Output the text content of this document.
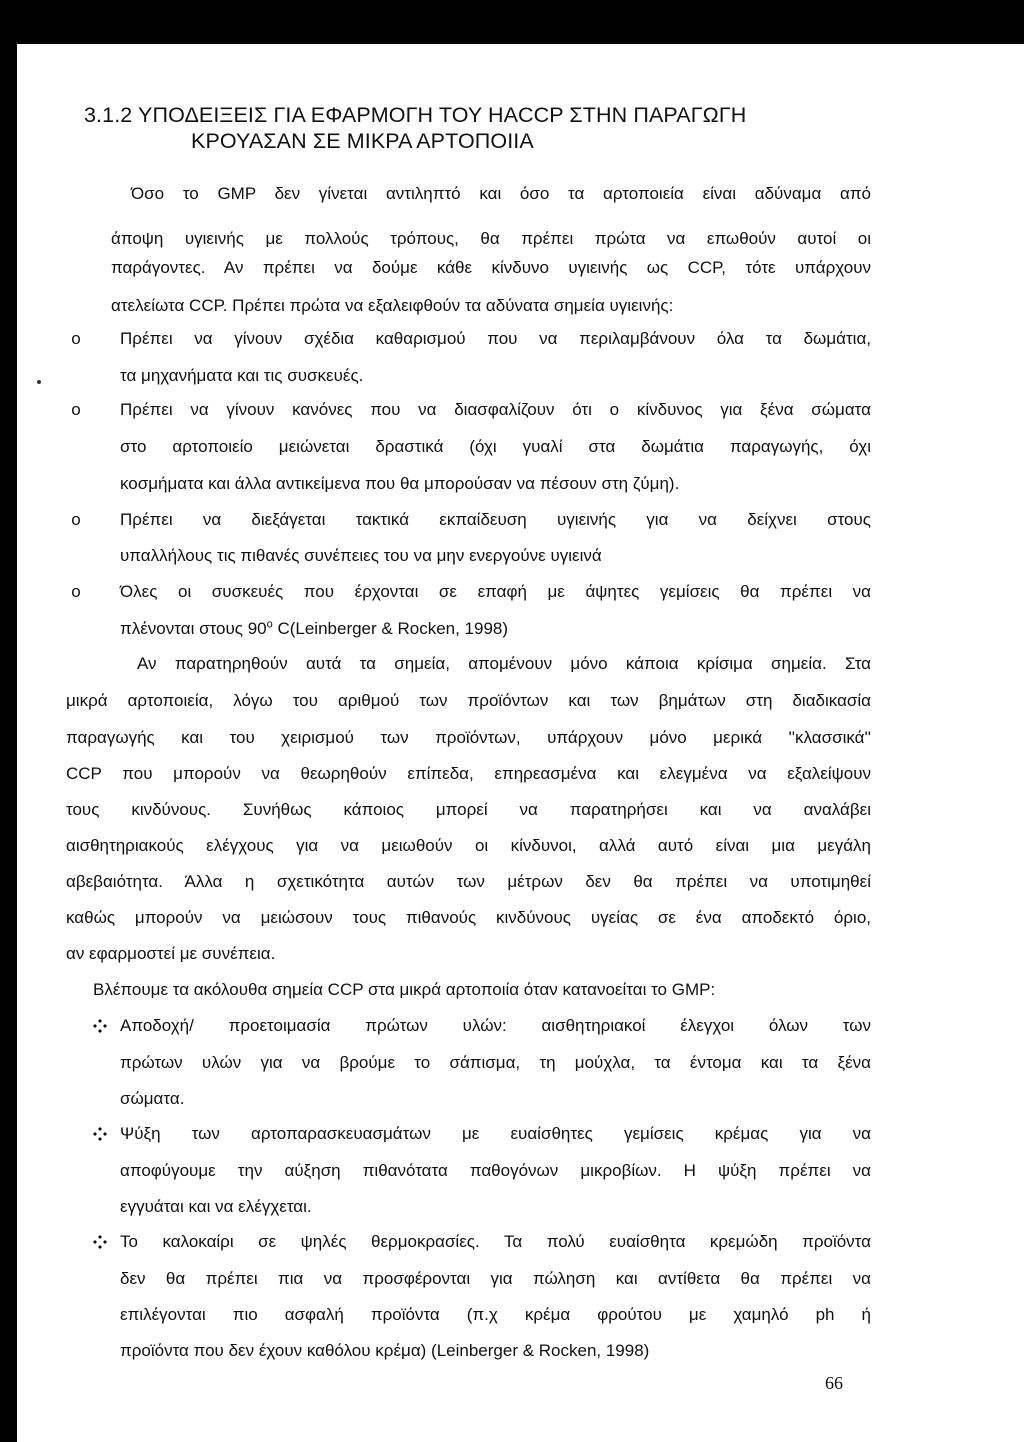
3.1.2 ΥΠΟΔΕΙΞΕΙΣ ΓΙΑ ΕΦΑΡΜΟΓΗ ΤΟΥ HACCP ΣΤΗΝ ΠΑΡΑΓΩΓΗ
ΚΡΟΥΑΣΑΝ ΣΕ ΜΙΚΡΑ ΑΡΤΟΠΟΙΙΑ
Όσο το GMP δεν γίνεται αντιληπτό και όσο τα αρτοποιεία είναι αδύναμα από
άποψη υγιεινής με πολλούς τρόπους, θα πρέπει πρώτα να επωθούν αυτοί οι
παράγοντες. Αν πρέπει να δούμε κάθε κίνδυνο υγιεινής ως CCP, τότε υπάρχουν
ατελείωτα CCP. Πρέπει πρώτα να εξαλειφθούν τα αδύνατα σημεία υγιεινής:
o Πρέπει να γίνουν σχέδια καθαρισμού που να περιλαμβάνουν όλα τα δωμάτια,
τα μηχανήματα και τις συσκευές.
o Πρέπει να γίνουν κανόνες που να διασφαλίζουν ότι ο κίνδυνος για ξένα σώματα
στο αρτοποιείο μειώνεται δραστικά (όχι γυαλί στα δωμάτια παραγωγής, όχι
κοσμήματα και άλλα αντικείμενα που θα μπορούσαν να πέσουν στη ζύμη).
o Πρέπει να διεξάγεται τακτικά εκπαίδευση υγιεινής για να δείχνει στους
υπαλλήλους τις πιθανές συνέπειες του να μην ενεργούνε υγιεινά
o Όλες οι συσκευές που έρχονται σε επαφή με άψητες γεμίσεις θα πρέπει να
πλένονται στους 90$^o$ C(Leinberger & Rocken, 1998)
Αν παρατηρηθούν αυτά τα σημεία, απομένουν μόνο κάποια κρίσιμα σημεία. Στα
μικρά αρτοποιεία, λόγω του αριθμού των προϊόντων και των βημάτων στη διαδικασία
παραγωγής και του χειρισμού των προϊόντων, υπάρχουν μόνο μερικά ''κλασσικά''
CCP που μπορούν να θεωρηθούν επίπεδα, επηρεασμένα και ελεγμένα να εξαλείψουν
τους κινδύνους. Συνήθως κάποιος μπορεί να παρατηρήσει και να αναλάβει
αισθητηριακούς ελέγχους για να μειωθούν οι κίνδυνοι, αλλά αυτό είναι μια μεγάλη
αβεβαιότητα. Άλλα η σχετικότητα αυτών των μέτρων δεν θα πρέπει να υποτιμηθεί
καθώς μπορούν να μειώσουν τους πιθανούς κινδύνους υγείας σε ένα αποδεκτό όριο,
αν εφαρμοστεί με συνέπεια.
Βλέπουμε τα ακόλουθα σημεία CCP στα μικρά αρτοποιία όταν κατανοείται το GMP:
Αποδοχή/ προετοιμασία πρώτων υλών: αισθητηριακοί έλεγχοι όλων των
πρώτων υλών για να βρούμε το σάπισμα, τη μούχλα, τα έντομα και τα ξένα
σώματα.
Ψύξη των αρτοπαρασκευασμάτων με ευαίσθητες γεμίσεις κρέμας για να
αποφύγουμε την αύξηση πιθανότατα παθογόνων μικροβίων. Η ψύξη πρέπει να
εγγυάται και να ελέγχεται.
Το καλοκαίρι σε ψηλές θερμοκρασίες. Τα πολύ ευαίσθητα κρεμώδη προϊόντα
δεν θα πρέπει πια να προσφέρονται για πώληση και αντίθετα θα πρέπει να
επιλέγονται πιο ασφαλή προϊόντα (π.χ κρέμα φρούτου με χαμηλό ph ή
προϊόντα που δεν έχουν καθόλου κρέμα) (Leinberger & Rocken, 1998)
66
